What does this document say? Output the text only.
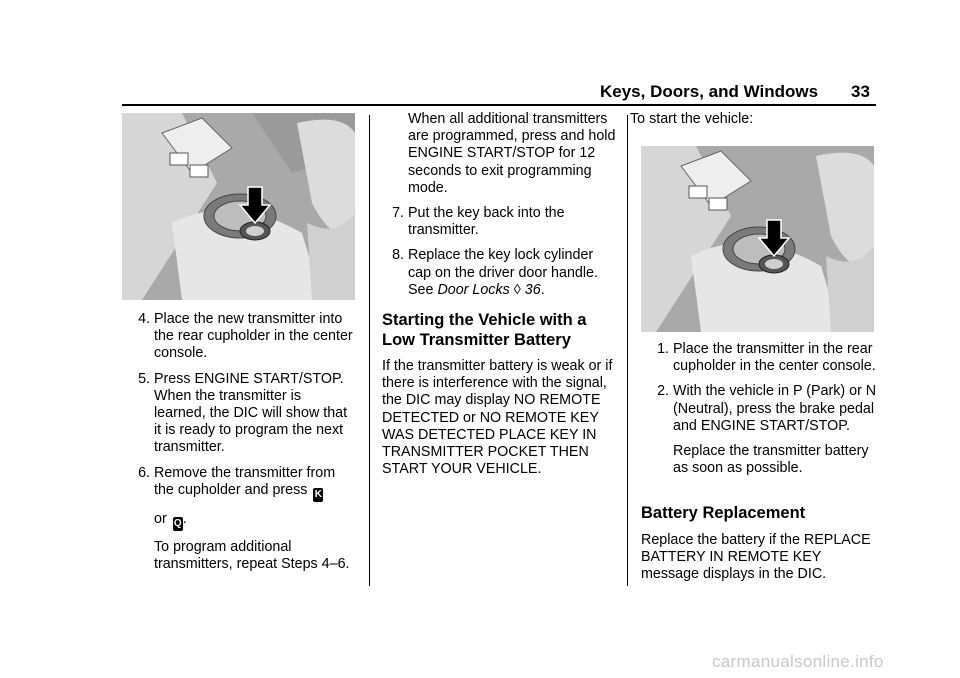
Keys, Doors, and Windows 33

4. Place the new transmitter into the rear cupholder in the center console.

5. Press ENGINE START/STOP. When the transmitter is learned, the DIC will show that it is ready to program the next transmitter.

6. Remove the transmitter from the cupholder and press K
or Q.

To program additional transmitters, repeat Steps 4–6.

When all additional transmitters are programmed, press and hold ENGINE START/STOP for 12 seconds to exit programming mode.

7. Put the key back into the transmitter.

8. Replace the key lock cylinder cap on the driver door handle. See Door Locks ◊ 36.

Starting the Vehicle with a Low Transmitter Battery

If the transmitter battery is weak or if there is interference with the signal, the DIC may display NO REMOTE DETECTED or NO REMOTE KEY WAS DETECTED PLACE KEY IN TRANSMITTER POCKET THEN START YOUR VEHICLE.

To start the vehicle:

1. Place the transmitter in the rear cupholder in the center console.

2. With the vehicle in P (Park) or N (Neutral), press the brake pedal and ENGINE START/STOP.

Replace the transmitter battery as soon as possible.

Battery Replacement

Replace the battery if the REPLACE BATTERY IN REMOTE KEY message displays in the DIC.

carmanualsonline.info
